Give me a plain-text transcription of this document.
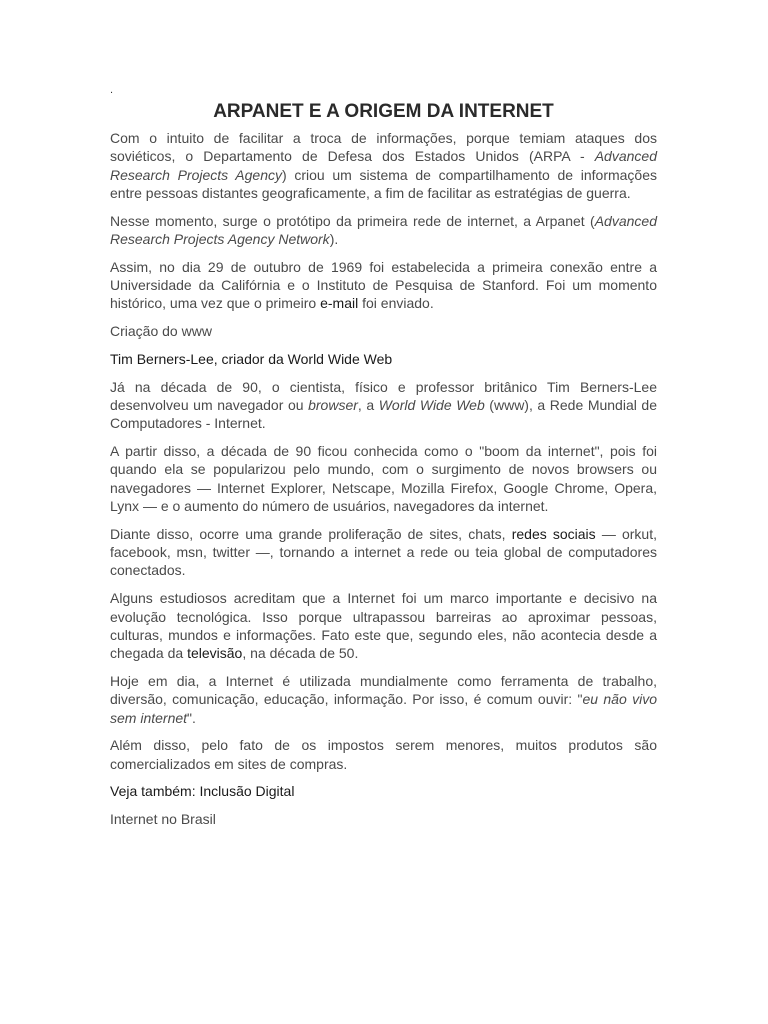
.
ARPANET E A ORIGEM DA INTERNET

Com o intuito de facilitar a troca de informações, porque temiam ataques dos soviéticos, o Departamento de Defesa dos Estados Unidos (ARPA - Advanced Research Projects Agency) criou um sistema de compartilhamento de informações entre pessoas distantes geograficamente, a fim de facilitar as estratégias de guerra.

Nesse momento, surge o protótipo da primeira rede de internet, a Arpanet (Advanced Research Projects Agency Network).

Assim, no dia 29 de outubro de 1969 foi estabelecida a primeira conexão entre a Universidade da Califórnia e o Instituto de Pesquisa de Stanford. Foi um momento histórico, uma vez que o primeiro e-mail foi enviado.

Criação do www

Tim Berners-Lee, criador da World Wide Web

Já na década de 90, o cientista, físico e professor britânico Tim Berners-Lee desenvolveu um navegador ou browser, a World Wide Web (www), a Rede Mundial de Computadores - Internet.

A partir disso, a década de 90 ficou conhecida como o "boom da internet", pois foi quando ela se popularizou pelo mundo, com o surgimento de novos browsers ou navegadores — Internet Explorer, Netscape, Mozilla Firefox, Google Chrome, Opera, Lynx — e o aumento do número de usuários, navegadores da internet.

Diante disso, ocorre uma grande proliferação de sites, chats, redes sociais — orkut, facebook, msn, twitter —, tornando a internet a rede ou teia global de computadores conectados.

Alguns estudiosos acreditam que a Internet foi um marco importante e decisivo na evolução tecnológica. Isso porque ultrapassou barreiras ao aproximar pessoas, culturas, mundos e informações. Fato este que, segundo eles, não acontecia desde a chegada da televisão, na década de 50.

Hoje em dia, a Internet é utilizada mundialmente como ferramenta de trabalho, diversão, comunicação, educação, informação. Por isso, é comum ouvir: "eu não vivo sem internet".

Além disso, pelo fato de os impostos serem menores, muitos produtos são comercializados em sites de compras.

Veja também: Inclusão Digital

Internet no Brasil
